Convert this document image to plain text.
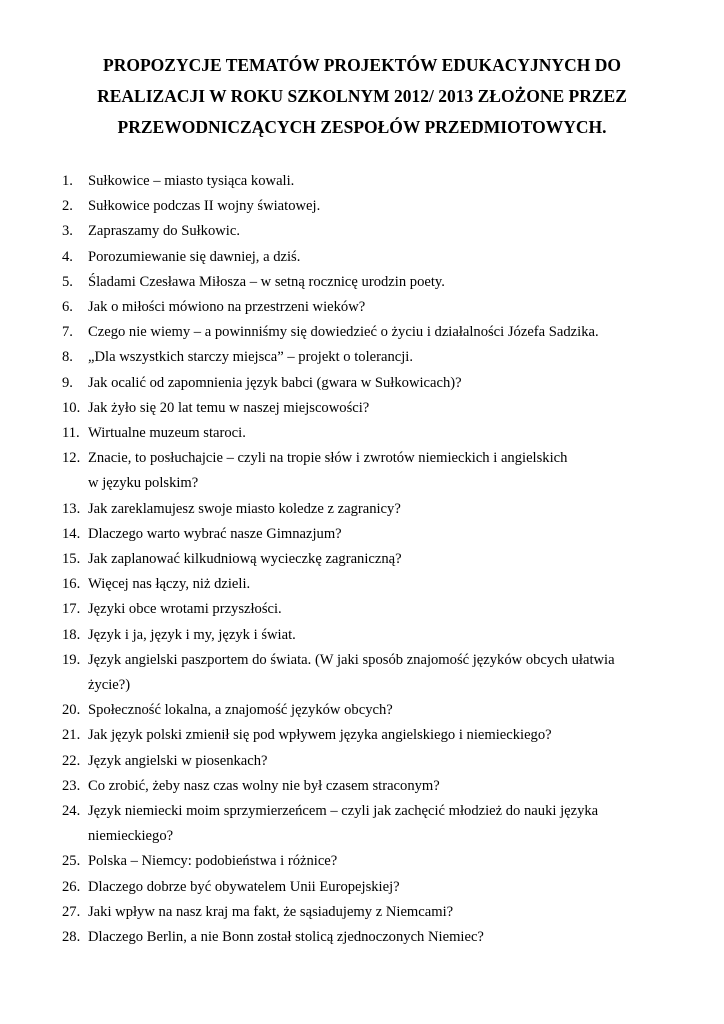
PROPOZYCJE TEMATÓW PROJEKTÓW EDUKACYJNYCH DO
REALIZACJI W ROKU SZKOLNYM 2012/ 2013 ZŁOŻONE PRZEZ
PRZEWODNICZĄCYCH ZESPOŁÓW PRZEDMIOTOWYCH.
1. Sułkowice – miasto tysiąca kowali.
2. Sułkowice podczas II wojny światowej.
3. Zapraszamy do Sułkowic.
4. Porozumiewanie się dawniej, a dziś.
5. Śladami Czesława Miłosza – w setną rocznicę urodzin poety.
6. Jak o miłości mówiono na przestrzeni wieków?
7. Czego nie wiemy – a powinniśmy się dowiedzieć o życiu i działalności Józefa Sadzika.
8. „Dla wszystkich starczy miejsca” – projekt o tolerancji.
9. Jak ocalić od zapomnienia język babci (gwara w Sułkowicach)?
10. Jak żyło się 20 lat temu w naszej miejscowości?
11. Wirtualne muzeum staroci.
12. Znacie, to posłuchajcie – czyli na tropie słów i zwrotów niemieckich i angielskich
w języku polskim?
13. Jak zareklamujesz swoje miasto koledze z zagranicy?
14. Dlaczego warto wybrać nasze Gimnazjum?
15. Jak zaplanować kilkudniową wycieczkę zagraniczną?
16. Więcej nas łączy, niż dzieli.
17. Języki obce wrotami przyszłości.
18. Język i ja, język i my, język i świat.
19. Język angielski paszportem do świata. (W jaki sposób znajomość języków obcych ułatwia
życie?)
20. Społeczność lokalna, a znajomość języków obcych?
21. Jak język polski zmienił się pod wpływem języka angielskiego i niemieckiego?
22. Język angielski w piosenkach?
23. Co zrobić, żeby nasz czas wolny nie był czasem straconym?
24. Język niemiecki moim sprzymierzeńcem – czyli jak zachęcić młodzież do nauki języka
niemieckiego?
25. Polska – Niemcy: podobieństwa i różnice?
26. Dlaczego dobrze być obywatelem Unii Europejskiej?
27. Jaki wpływ na nasz kraj ma fakt, że sąsiadujemy z Niemcami?
28. Dlaczego Berlin, a nie Bonn został stolicą zjednoczonych Niemiec?
